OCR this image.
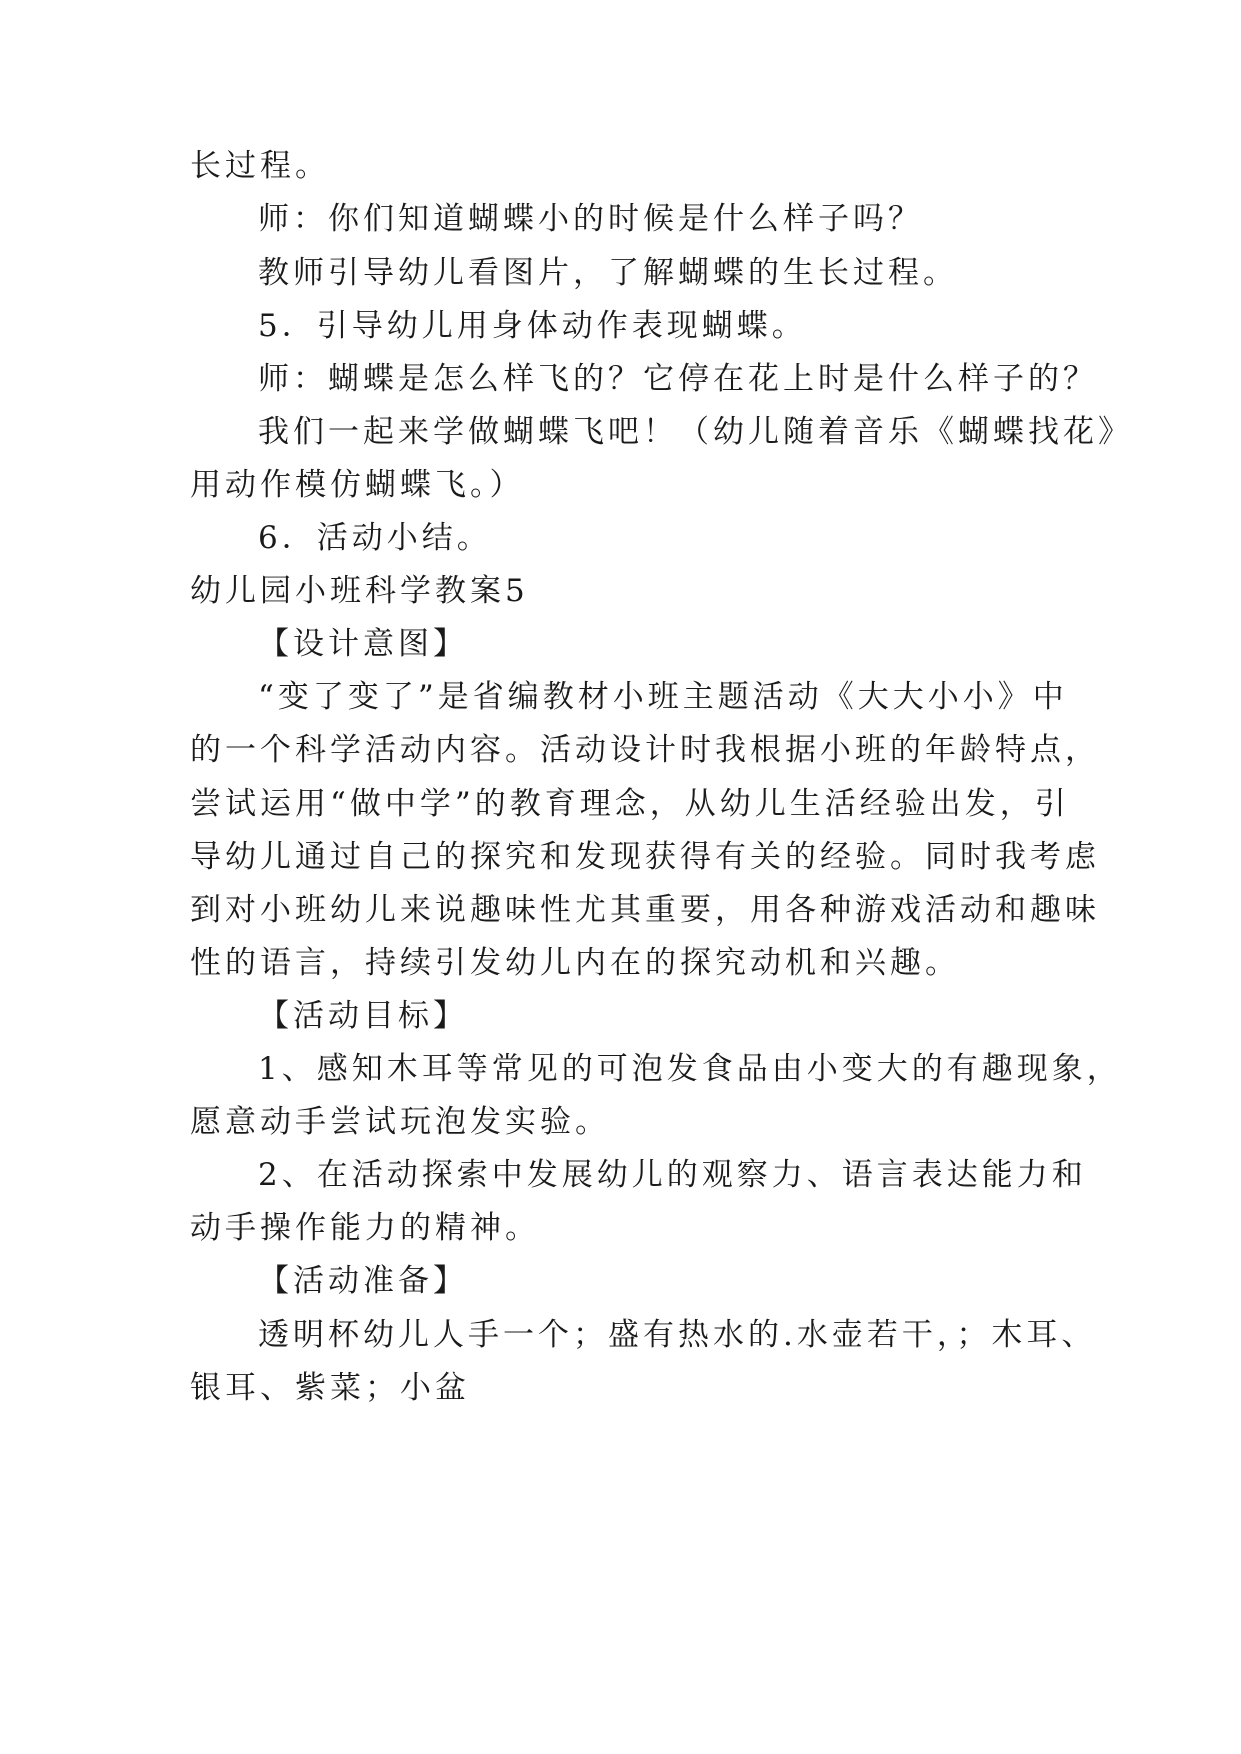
长过程。
师：你们知道蝴蝶小的时候是什么样子吗？
教师引导幼儿看图片，了解蝴蝶的生长过程。
5．引导幼儿用身体动作表现蝴蝶。
师：蝴蝶是怎么样飞的？它停在花上时是什么样子的？
我们一起来学做蝴蝶飞吧！（幼儿随着音乐《蝴蝶找花》
用动作模仿蝴蝶飞。）
6．活动小结。
幼儿园小班科学教案5
【设计意图】
“变了变了”是省编教材小班主题活动《大大小小》中
的一个科学活动内容。活动设计时我根据小班的年龄特点，
尝试运用“做中学”的教育理念，从幼儿生活经验出发，引
导幼儿通过自己的探究和发现获得有关的经验。同时我考虑
到对小班幼儿来说趣味性尤其重要，用各种游戏活动和趣味
性的语言，持续引发幼儿内在的探究动机和兴趣。
【活动目标】
1、感知木耳等常见的可泡发食品由小变大的有趣现象，
愿意动手尝试玩泡发实验。
2、在活动探索中发展幼儿的观察力、语言表达能力和
动手操作能力的精神。
【活动准备】
透明杯幼儿人手一个；盛有热水的.水壶若干，；木耳、
银耳、紫菜；小盆
